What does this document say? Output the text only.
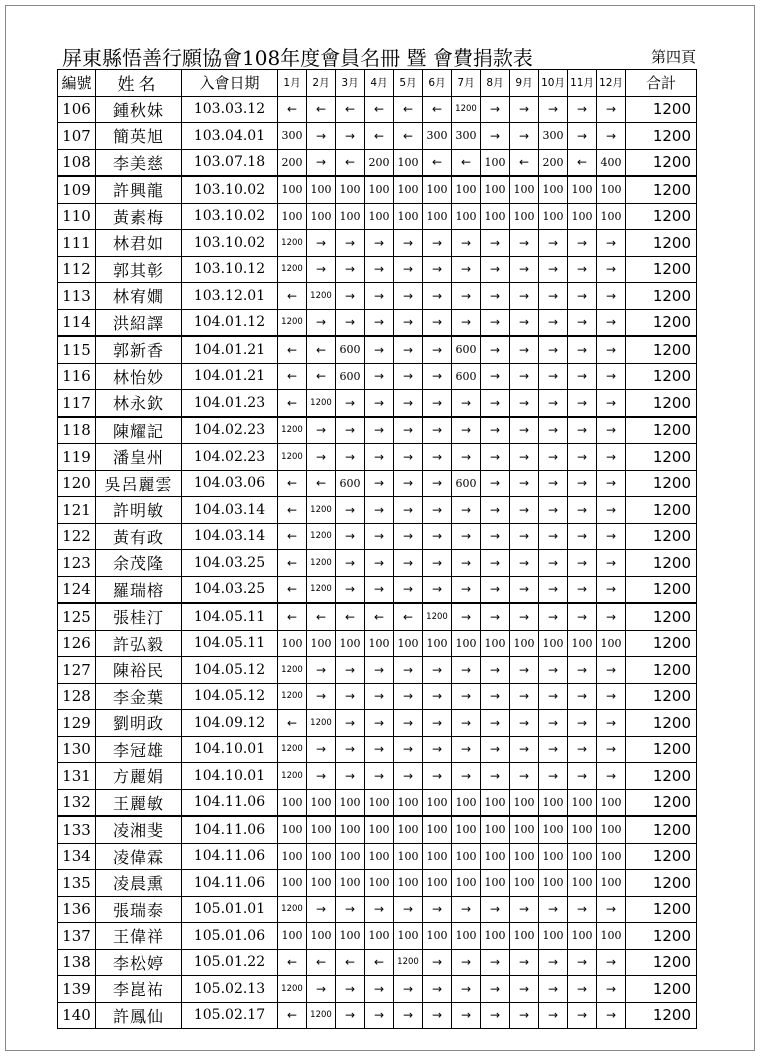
屏東縣悟善行願協會108年度會員名冊 暨 會費捐款表	第四頁
編號	姓名	入會日期	1月	2月	3月	4月	5月	6月	7月	8月	9月	10月	11月	12月	合計
106	鍾秋妹	103.03.12	←	←	←	←	←	←	1200	→	→	→	→	→	1200
107	簡英旭	103.04.01	300	→	→	←	←	300	300	→	→	300	→	→	1200
108	李美慈	103.07.18	200	→	←	200	100	←	←	100	←	200	←	400	1200
109	許興龍	103.10.02	100	100	100	100	100	100	100	100	100	100	100	100	1200
110	黃素梅	103.10.02	100	100	100	100	100	100	100	100	100	100	100	100	1200
111	林君如	103.10.02	1200	→	→	→	→	→	→	→	→	→	→	→	1200
112	郭其彰	103.10.12	1200	→	→	→	→	→	→	→	→	→	→	→	1200
113	林宥嫺	103.12.01	←	1200	→	→	→	→	→	→	→	→	→	→	1200
114	洪紹譯	104.01.12	1200	→	→	→	→	→	→	→	→	→	→	→	1200
115	郭新香	104.01.21	←	←	600	→	→	→	600	→	→	→	→	→	1200
116	林怡妙	104.01.21	←	←	600	→	→	→	600	→	→	→	→	→	1200
117	林永欽	104.01.23	←	1200	→	→	→	→	→	→	→	→	→	→	1200
118	陳耀記	104.02.23	1200	→	→	→	→	→	→	→	→	→	→	→	1200
119	潘皇州	104.02.23	1200	→	→	→	→	→	→	→	→	→	→	→	1200
120	吳呂麗雲	104.03.06	←	←	600	→	→	→	600	→	→	→	→	→	1200
121	許明敏	104.03.14	←	1200	→	→	→	→	→	→	→	→	→	→	1200
122	黃有政	104.03.14	←	1200	→	→	→	→	→	→	→	→	→	→	1200
123	余茂隆	104.03.25	←	1200	→	→	→	→	→	→	→	→	→	→	1200
124	羅瑞榕	104.03.25	←	1200	→	→	→	→	→	→	→	→	→	→	1200
125	張桂汀	104.05.11	←	←	←	←	←	1200	→	→	→	→	→	→	1200
126	許弘毅	104.05.11	100	100	100	100	100	100	100	100	100	100	100	100	1200
127	陳裕民	104.05.12	1200	→	→	→	→	→	→	→	→	→	→	→	1200
128	李金葉	104.05.12	1200	→	→	→	→	→	→	→	→	→	→	→	1200
129	劉明政	104.09.12	←	1200	→	→	→	→	→	→	→	→	→	→	1200
130	李冠雄	104.10.01	1200	→	→	→	→	→	→	→	→	→	→	→	1200
131	方麗娟	104.10.01	1200	→	→	→	→	→	→	→	→	→	→	→	1200
132	王麗敏	104.11.06	100	100	100	100	100	100	100	100	100	100	100	100	1200
133	凌湘斐	104.11.06	100	100	100	100	100	100	100	100	100	100	100	100	1200
134	凌偉霖	104.11.06	100	100	100	100	100	100	100	100	100	100	100	100	1200
135	凌晨熏	104.11.06	100	100	100	100	100	100	100	100	100	100	100	100	1200
136	張瑞泰	105.01.01	1200	→	→	→	→	→	→	→	→	→	→	→	1200
137	王偉祥	105.01.06	100	100	100	100	100	100	100	100	100	100	100	100	1200
138	李松婷	105.01.22	←	←	←	←	1200	→	→	→	→	→	→	→	1200
139	李崑祐	105.02.13	1200	→	→	→	→	→	→	→	→	→	→	→	1200
140	許鳳仙	105.02.17	←	1200	→	→	→	→	→	→	→	→	→	→	1200
